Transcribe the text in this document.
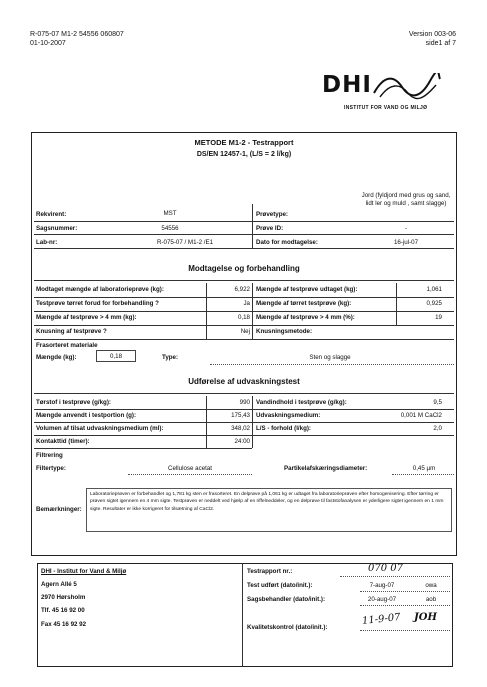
R-075-07 M1-2 54556 060807
01-10-2007
Version 003-06
side1 af 7
DHI
INSTITUT FOR VAND OG MILJØ
METODE M1-2 - Testrapport
DS/EN 12457-1, (L/S = 2 l/kg)
Rekvirent:	MST	Prøvetype:
Jord (fyldjord med grus og sand, lidt ler og muld , samt slagge)
Sagsnummer:	54556	Prøve ID:	-
Lab-nr:	R-075-07 / M1-2 /E1	Dato for modtagelse:	16-jul-07
Modtagelse og forbehandling
Modtaget mængde af laboratorieprøve (kg):	6,922 Mængde af testprøve udtaget (kg):	1,061
Testprøve tørret forud for forbehandling ?	Ja Mængde af tørret testprøve (kg):	0,925
Mængde af testprøve > 4 mm (kg):	0,18 Mængde af testprøve > 4 mm (%):	19
Knusning af testprøve ?	Nej Knusningsmetode:
Frasorteret materiale
Mængde (kg):	0,18	Type:	Sten og slagge
Udførelse af udvaskningstest
Tørstof i testprøve (g/kg):	990 Vandindhold i testprøve (g/kg):	9,5
Mængde anvendt i testportion (g):	175,43 Udvaskningsmedium:	0,001 M CaCl2
Volumen af tilsat udvaskningsmedium (ml):	348,02 L/S - forhold (l/kg):	2,0
Kontakttid (timer):	24:00
Filtrering
Filtertype:	Cellulose acetat	Partikelafskæringsdiameter:	0,45 µm
Bemærkninger:
Laboratorieprøven er forbehandlet og 1,781 kg sten er frasorteret. En delprøve på 1,061 kg er udtaget fra laboratorieprøven efter homogenisering. Efter tørring er prøven sigtet igennem en 4 mm sigte. Testprøven er neddelt ved hjælp af en riffelneddeler, og en delprøve til faststofanalysen er yderligere sigtet igennem en 1 mm sigte. Resultater er ikke korrigeret for tilsætning af CaCl2.
DHI - Institut for Vand & Miljø
Agern Allé 5
2970 Hørsholm
Tlf. 45 16 92 00
Fax 45 16 92 92
Testrapport nr.:	070 07
Test udført (dato/init.):	7-aug-07	owa
Sagsbehandler (dato/init.):	20-aug-07	aob
Kvalitetskontrol (dato/init.):
11-9-07 JOH
